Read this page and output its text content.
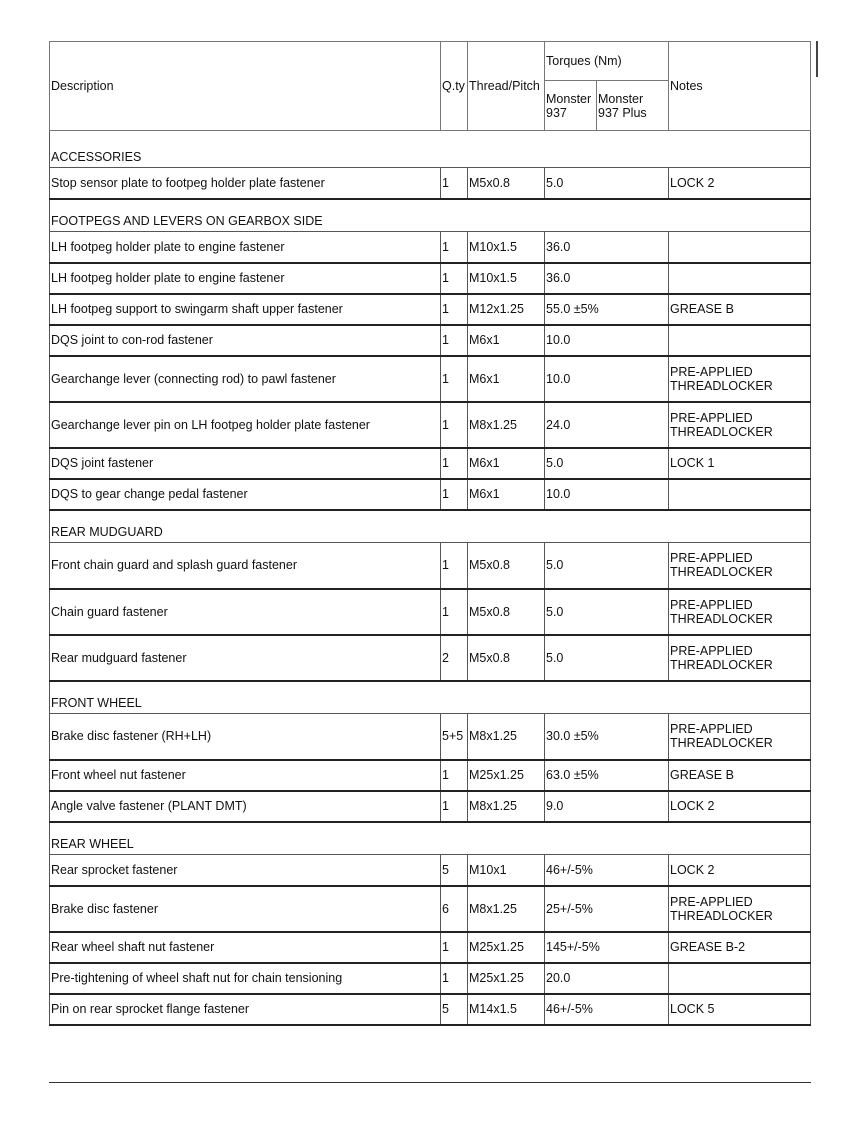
Description	Q.ty	Thread/Pitch	Torques (Nm)		Notes
			Monster 937	Monster 937 Plus	
ACCESSORIES					
Stop sensor plate to footpeg holder plate fastener	1	M5x0.8	5.0		LOCK 2
FOOTPEGS AND LEVERS ON GEARBOX SIDE					
LH footpeg holder plate to engine fastener	1	M10x1.5	36.0		
LH footpeg holder plate to engine fastener	1	M10x1.5	36.0		
LH footpeg support to swingarm shaft upper fastener	1	M12x1.25	55.0 ±5%		GREASE B
DQS joint to con-rod fastener	1	M6x1	10.0		
Gearchange lever (connecting rod) to pawl fastener	1	M6x1	10.0		PRE-APPLIED THREADLOCKER
Gearchange lever pin on LH footpeg holder plate fastener	1	M8x1.25	24.0		PRE-APPLIED THREADLOCKER
DQS joint fastener	1	M6x1	5.0		LOCK 1
DQS to gear change pedal fastener	1	M6x1	10.0		
REAR MUDGUARD					
Front chain guard and splash guard fastener	1	M5x0.8	5.0		PRE-APPLIED THREADLOCKER
Chain guard fastener	1	M5x0.8	5.0		PRE-APPLIED THREADLOCKER
Rear mudguard fastener	2	M5x0.8	5.0		PRE-APPLIED THREADLOCKER
FRONT WHEEL					
Brake disc fastener (RH+LH)	5+5	M8x1.25	30.0 ±5%		PRE-APPLIED THREADLOCKER
Front wheel nut fastener	1	M25x1.25	63.0 ±5%		GREASE B
Angle valve fastener (PLANT DMT)	1	M8x1.25	9.0		LOCK 2
REAR WHEEL					
Rear sprocket fastener	5	M10x1	46+/-5%		LOCK 2
Brake disc fastener	6	M8x1.25	25+/-5%		PRE-APPLIED THREADLOCKER
Rear wheel shaft nut fastener	1	M25x1.25	145+/-5%		GREASE B-2
Pre-tightening of wheel shaft nut for chain tensioning	1	M25x1.25	20.0		
Pin on rear sprocket flange fastener	5	M14x1.5	46+/-5%		LOCK 5
